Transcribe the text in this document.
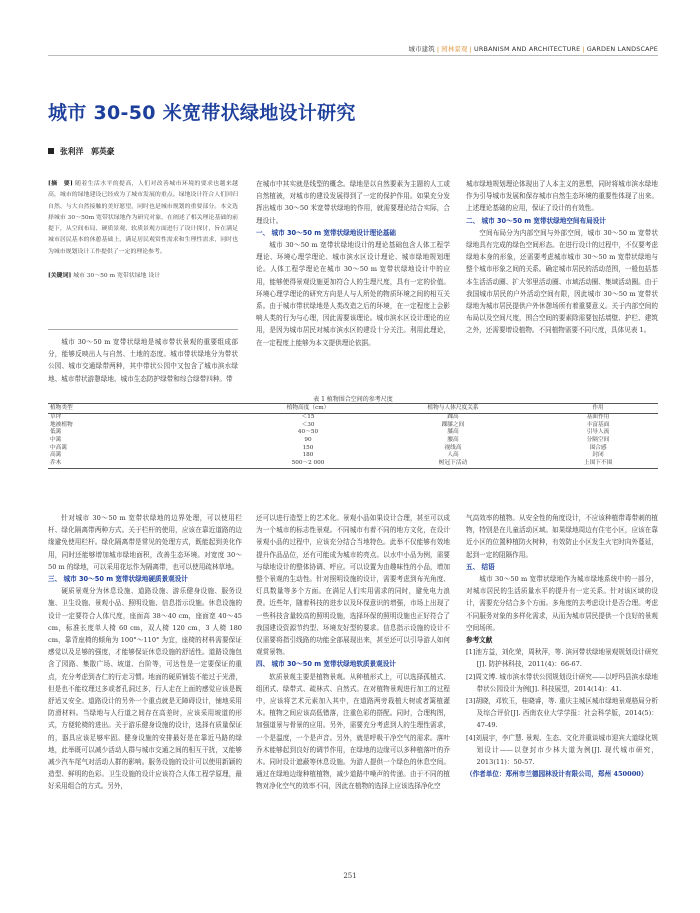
城市建筑 | 园林景观 | URBANISM AND ARCHITECTURE | GARDEN LANDSCAPE
城市 30-50 米宽带状绿地设计研究
张利洋　郭英豪

[摘　要] 随着生活水平的提高，人们对改善城市环境的要求也越来越高，城市的绿地建设已经成为了城市发展的重点。绿地设计符合人们回归自然、与大自然接触的美好愿望，同时也是城市规划的重要部分。本文选择城市 30～50m 宽带状绿地作为研究对象，在阐述了相关理论基础的前提下，从空间布局、硬质景观、软质景观方面进行了设计探讨，旨在满足城市居民基本的休憩基础上，满足居民观赏性需求和生理性需求，同时也为城市规划设计工作提供了一定的理论参考。

[关键词] 城市 30～50 m 宽带状绿地 设计

城市 30～50 m 宽带状绿地是城市带状景观的重要组成部分，能够反映出人与自然、土地的态度。城市带状绿地分为带状公园、城市交通绿带两种，其中带状公园中又包含了城市滨水绿地、城市带状游憩绿地、城市生态防护绿带和综合绿带四种。带

在城市中其实就是线型的概念。绿地是以自然要素为主题的人工或自然植被，对城市的建设发展得到了一定的保护作用。如果充分发挥出城市 30～50 米宽带状绿地的作用，就需要理论结合实际，合理设计。

一、 城市 30～50 m 宽带状绿地设计理论基础

城市 30～50 m 宽带状绿地设计的理论基础包含人体工程学理论、环境心理学理论、城市滨水区设计理论、城市绿地规划理论。人体工程学理论在城市 30～50 m 宽带状绿地设计中的应用，能够使得景观设施更加符合人的生理尺度，具有一定的价值。环境心理学理论的研究方向是人与人所处的物质环境之间的相互关系。由于城市带状绿地是人类改造之后的环境，在一定程度上会影响人类的行为与心理，因此需要该理论。城市滨水区设计理论的应用，是因为城市居民对城市滨水区的建设十分关注。利用此理论，在一定程度上能够为本文提供理论依据。

城市绿地规划理论体现出了人本主义的思想，同时将城市滨水绿地作为引导城市发展和保存城市自然生态环境的重要性体现了出来。上述理论基础的应用，保证了设计的有效性。

二、 城市 30～50 m 宽带状绿地空间布局设计

空间布局分为内部空间与外部空间，城市 30～50 m 宽带状绿地具有完成的绿色空间形态。在进行设计的过程中，不仅要考虑绿地本身的形象，还需要考虑城市城市 30～50 m 宽带状绿地与整个城市形象之间的关系。确定城市居民的活动范围，一般包括基本生活活动圈、扩大邻里活动圈、市域活动圈、集域活动圈。由于我国城市居民的户外活动空间有限，因此城市 30～50 m 宽带状绿地为城市居民提供户外休憩场所有着重要意义。关于内部空间的布局以及空间尺度，围合空间的要素除需要包括墙壁、护栏、建筑之外，还需要增设植物。不同植物需要不同尺度，具体见表 1。

表 1 植物围合空间的参考尺度
植物类型	植物高度（cm）	植物与人体尺度关系	作用
草坪	＜15	踝高	基面作用
地被植物	＜30	踝膝之间	丰富基面
低篱	40～50	膝高	引导人流
中篱	90	腰高	分隔空间
中高篱	150	视线高	围合感
高篱	180	人高	封闭
乔木	500～2 000	树冠下活动	上围下不围

针对城市 30～50 m 宽带状绿地的边界处理，可以使用栏杆、绿化隔离带两种方式。关于栏杆的使用，应该在靠近道路的边缘避免使用栏杆。绿化隔离带是常见的处理方式，既能起到美化作用，同时还能够增加城市绿地面积，改善生态环境。对宽度 30～50 m 的绿地，可以采用花坛作为隔离带，也可以使用疏林草地。

三、 城市 30～50 m 宽带状绿地硬质景观设计

硬质景观分为休息设施、道路设施、游乐健身设施、服务设施、卫生设施、景观小品、照明设施、信息指示设施。休息设施的设计一定要符合人体尺度，座面高 38～40 cm，座面宽 40～45 cm，标准长度单人椅 60 cm，双人椅 120 cm，3 人椅 180 cm，靠背座椅的倾角为 100°～110° 为宜，座椅的材料需要保证感觉以及足够的强度，才能够保证休息设施的舒适性。道路设施包含了园路、集散广场、坡道、台阶等，可达性是一定要保证的重点，充分考虑到杏仁的行走习惯。地面的硬质铺装不能过于光滑，但是也不能纹理过多或者孔洞过多，行人走在上面的感觉应该是既舒适又安全。道路设计的另外一个重点就是无障碍设计，铺地采用防滑材料。当绿地与人行道之间存在高差时，应该采用坡道的形式，方便轮椅的进出。关于游乐健身设施的设计，选择有质量保证的，器具应该足够牢固。健身设施的安排最好是在靠近马路的绿地，此举既可以减少活动人群与城市交通之间的相互干扰，又能够减少汽车尾气对活动人群的影响。服务设施的设计可以使用新颖的造型、鲜明的色彩。卫生设施的设计应该符合人体工程学原理，最好采用组合的方式。另外，

还可以进行造型上的艺术化。景观小品如果设计合理，甚至可以成为一个城市的标志性景观。不同城市有着不同的地方文化，在设计景观小品的过程中，应该充分结合当地特色。此举不仅能够有效地提升作品品位，还有可能成为城市的亮点。以水中小品为例，需要与绿地设计的整体协调、呼应。可以设置为由趣味性的小品，增加整个景观的生动性。针对照明设施的设计，需要考虑到布光角度、灯具数量等多个方面。在满足人们实用需求的同时，避免电力浪费。近些年，随着科技的进步以及环保意识的增强，市场上出现了一些科技含量较高的照明设施，选择环保的照明设施也正好符合了我国建设资源节约型、环境友好型的要求。信息指示设施的设计不仅需要将指引线路的功能全部展现出来，甚至还可以引导游人如何观赏景物。

四、 城市 30～50 m 宽带状绿地软质景观设计

软质景观主要是植物景观。从种植形式上，可以选择孤植式、组团式、绿带式、疏林式、自然式。在对植物景观进行加工的过程中，应该将艺术元素加入其中，在道路两旁栽植大树或者篱植灌木。植物之间应该高低错落，注重色彩的搭配。同时，合理构图，加强道景与骨景的应用。另外，需要充分考虑到人的生理性需求，一个是温度，一个是声音。另外，就是呼吸干净空气的需求。落叶乔木能够起到良好的调节作用，在绿地的边缘可以多种植落叶的乔木。同时设计遮蔽等休息设施。为游人提供一个绿色的休息空间。通过在绿地边缘种植植物，减少道路中噪声的传递。由于不同的植物对净化空气的效率不同，因此在植物的选择上应该选择净化空

气高效率的植物。从安全性的角度设计，不应该种植带毒带刺的植物，特别是在儿童活动区域。如果绿地周边有住宅小区，应该在靠近小区的位置种植防火树种，有效防止小区发生火宅时向外蔓延，起到一定的阻隔作用。

五、 结语

城市 30～50 m 宽带状绿地作为城市绿地系统中的一部分，对城市居民的生活质量水平的提升有一定关系。针对该区域的设计，需要充分结合多个方面。多角度的去考虑设计是否合理。考虑不同服务对象的多样化需求，从而为城市居民提供一个良好的景观空间场所。

参考文献

[1]池方益，刘化荣，周秋萍，等. 滨河带状绿地景观规划设计研究[J]. 防护林科技，2011(4)：66-67.

[2]周文博. 城市滨水带状公园规划设计研究——以呼玛县滨水绿地带状公园设计为例[J]. 科技展望，2014(14)：41.

[3]胡晓，邓钦玉，桂晓睿，等. 重庆主城区城市绿地景观格局分析及综合评价[J]. 西南农业大学学报：社会科学版，2014(5)：47-49.

[4]刘晨宇，李广慧. 景观、生态、文化并重谈城市迎宾大道绿化规划设计——以登封市少林大道为例[J]. 现代城市研究，2013(11)：50-57.

（作者单位：郑州市兰德园林设计有限公司，郑州 450000）

251
